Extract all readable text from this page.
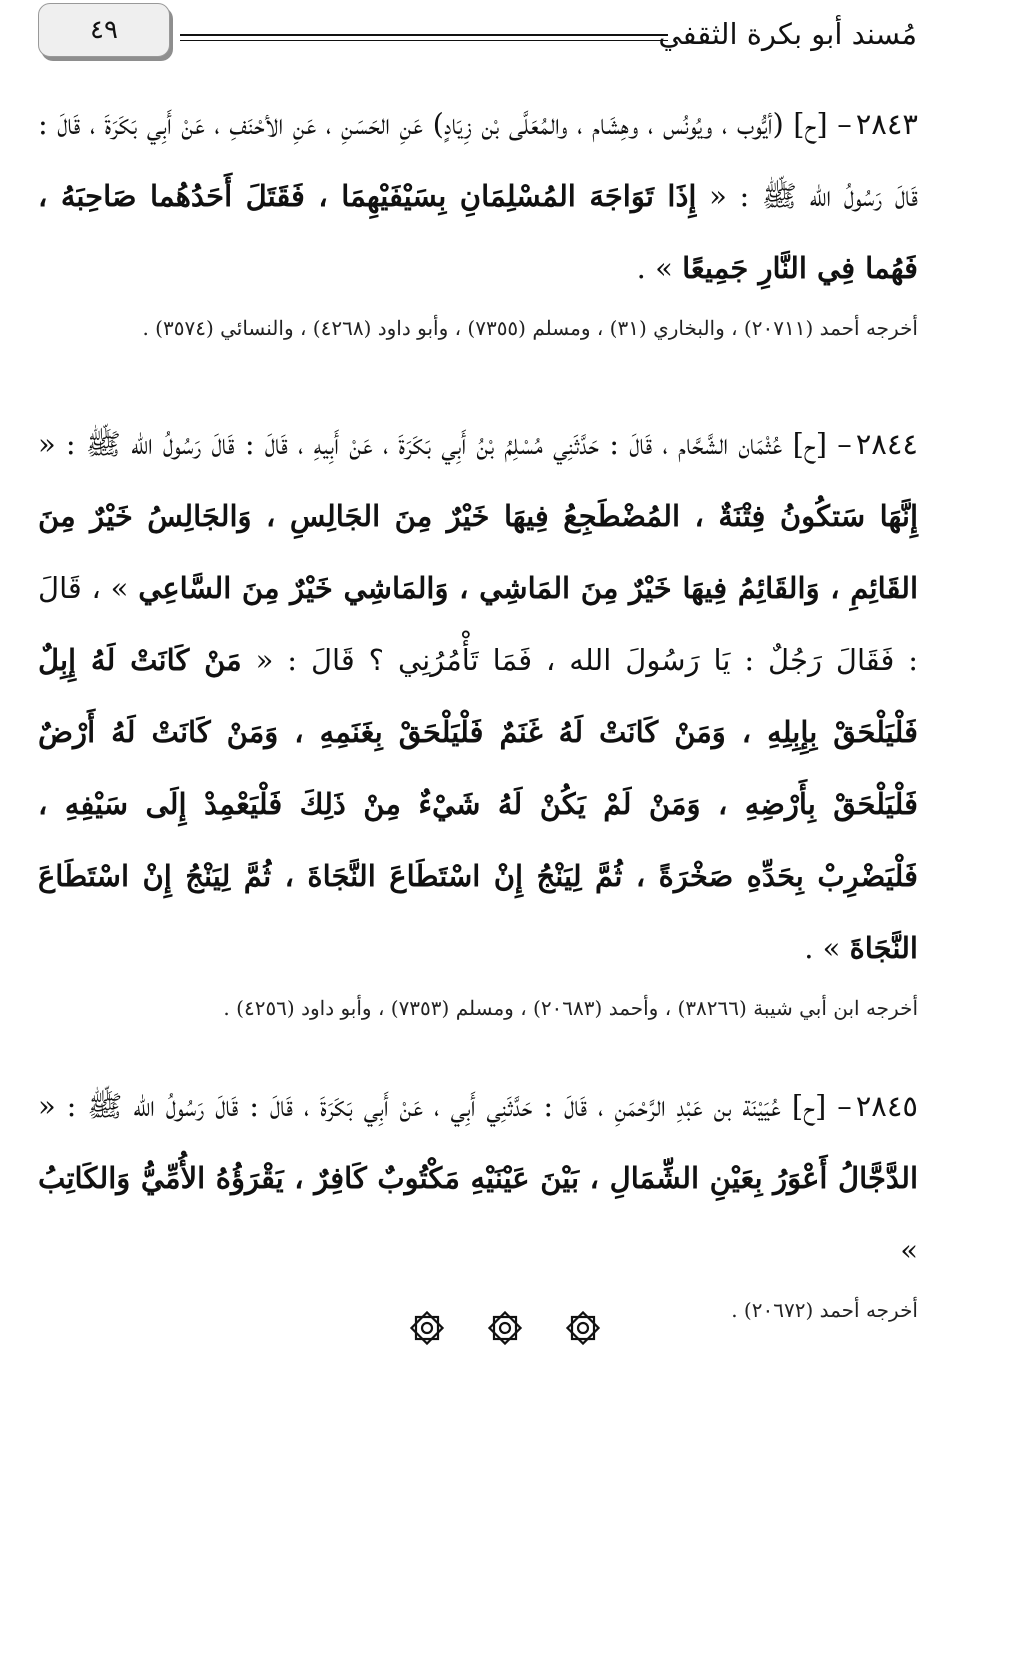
٤٩	مُسند أبو بكرة الثقفي

٢٨٤٣– [ح] (أيُّوب ، ويُونُس ، وهِشَام ، والمُعَلَّى بْن زِيَادٍ) عَنِ الحَسَنِ ، عَنِ الأحْنَفِ ، عَنْ أَبِي بَكَرَةَ ، قَالَ : قَالَ رَسُولُ الله ﷺ : « إِذَا تَوَاجَهَ المُسْلِمَانِ بِسَيْفَيْهِمَا ، فَقَتَلَ أَحَدُهُما صَاحِبَهُ ، فَهُما فِي النَّارِ جَمِيعًا » .

أخرجه أحمد (٢٠٧١١) ، والبخاري (٣١) ، ومسلم (٧٣٥٥) ، وأبو داود (٤٢٦٨) ، والنسائي (٣٥٧٤) .

٢٨٤٤– [ح] عُثْمَان الشَّحَّام ، قَالَ : حَدَّثَنِي مُسْلِمُ بْنُ أَبِي بَكَرَةَ ، عَنْ أَبِيهِ ، قَالَ : قَالَ رَسُولُ الله ﷺ : « إِنَّهَا سَتكُونُ فِتْنَةٌ ، المُضْطَجِعُ فِيهَا خَيْرٌ مِنَ الجَالِسِ ، وَالجَالِسُ خَيْرٌ مِنَ القَائِمِ ، وَالقَائِمُ فِيهَا خَيْرٌ مِنَ المَاشِي ، وَالمَاشِي خَيْرٌ مِنَ السَّاعِي » ، قَالَ : فَقَالَ رَجُلٌ : يَا رَسُولَ الله ، فَمَا تَأْمُرُنِي ؟ قَالَ : « مَنْ كَانَتْ لَهُ إِبِلٌ فَلْيَلْحَقْ بِإِبِلِهِ ، وَمَنْ كَانَتْ لَهُ غَنَمٌ فَلْيَلْحَقْ بِغَنَمِهِ ، وَمَنْ كَانَتْ لَهُ أَرْضٌ فَلْيَلْحَقْ بِأَرْضِهِ ، وَمَنْ لَمْ يَكُنْ لَهُ شَيْءٌ مِنْ ذَلِكَ فَلْيَعْمِدْ إِلَى سَيْفِهِ ، فَلْيَضْرِبْ بِحَدِّهِ صَخْرَةً ، ثُمَّ لِيَنْجُ إِنْ اسْتَطَاعَ النَّجَاةَ ، ثُمَّ لِيَنْجُ إِنْ اسْتَطَاعَ النَّجَاةَ » .

أخرجه ابن أبي شيبة (٣٨٢٦٦) ، وأحمد (٢٠٦٨٣) ، ومسلم (٧٣٥٣) ، وأبو داود (٤٢٥٦) .

٢٨٤٥– [ح] عُيَيْنَة بن عَبْدِ الرَّحْمَنِ ، قَالَ : حَدَّثَنِي أَبِي ، عَنْ أَبِي بَكَرَةَ ، قَالَ : قَالَ رَسُولُ الله ﷺ : « الدَّجَّالُ أَعْوَرُ بِعَيْنِ الشِّمَالِ ، بَيْنَ عَيْنَيْهِ مَكْتُوبٌ كَافِرٌ ، يَقْرَؤُهُ الأُمِّيُّ وَالكَاتِبُ »

أخرجه أحمد (٢٠٦٧٢) .
